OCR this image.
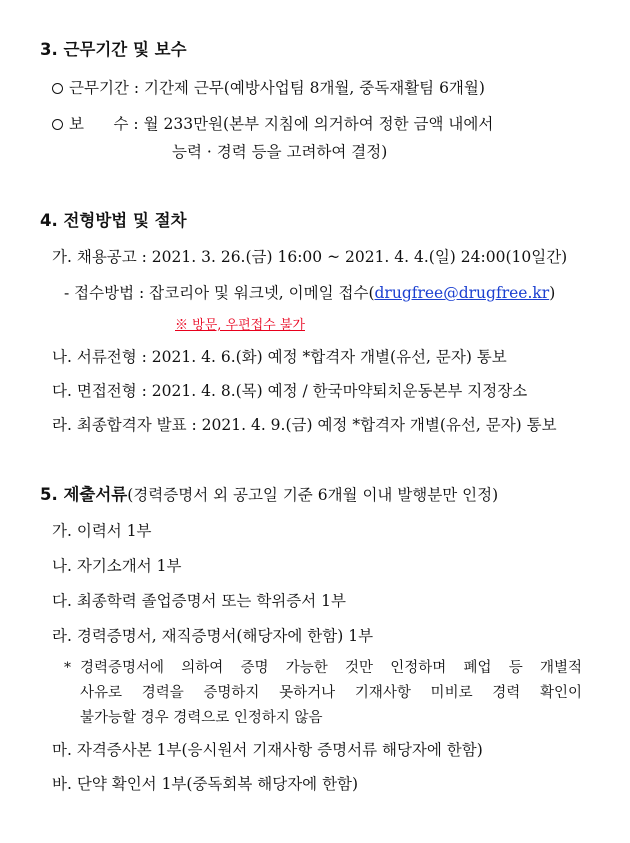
3. 근무기간 및 보수
근무기간 : 기간제 근무(예방사업팀 8개월, 중독재활팀 6개월)
보      수 : 월 233만원(본부 지침에 의거하여 정한 금액 내에서
능력 · 경력 등을 고려하여 결정)
4. 전형방법 및 절차
가. 채용공고 : 2021. 3. 26.(금) 16:00 ~ 2021. 4. 4.(일) 24:00(10일간)
- 접수방법 : 잡코리아 및 워크넷, 이메일 접수(drugfree@drugfree.kr)
※ 방문, 우편접수 불가
나. 서류전형 : 2021. 4. 6.(화) 예정 *합격자 개별(유선, 문자) 통보
다. 면접전형 : 2021. 4. 8.(목) 예정 / 한국마약퇴치운동본부 지정장소
라. 최종합격자 발표 : 2021. 4. 9.(금) 예정 *합격자 개별(유선, 문자) 통보
5. 제출서류(경력증명서 외 공고일 기준 6개월 이내 발행분만 인정)
가. 이력서 1부
나. 자기소개서 1부
다. 최종학력 졸업증명서 또는 학위증서 1부
라. 경력증명서, 재직증명서(해당자에 한함) 1부
* 경력증명서에 의하여 증명 가능한 것만 인정하며 폐업 등 개별적
사유로 경력을 증명하지 못하거나 기재사항 미비로 경력 확인이
불가능할 경우 경력으로 인정하지 않음
마. 자격증사본 1부(응시원서 기재사항 증명서류 해당자에 한함)
바. 단약 확인서 1부(중독회복 해당자에 한함)
